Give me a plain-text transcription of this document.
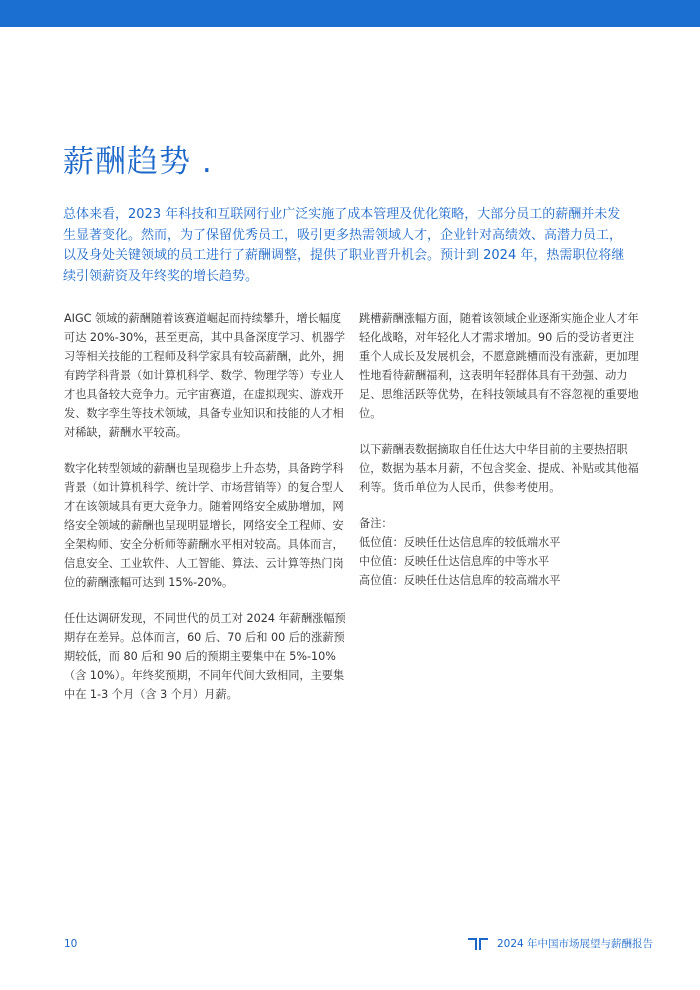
薪酬趋势 .

总体来看，2023 年科技和互联网行业广泛实施了成本管理及优化策略，大部分员工的薪酬并未发生显著变化。然而，为了保留优秀员工，吸引更多热需领域人才，企业针对高绩效、高潜力员工，以及身处关键领域的员工进行了薪酬调整，提供了职业晋升机会。预计到 2024 年，热需职位将继续引领薪资及年终奖的增长趋势。

AIGC 领域的薪酬随着该赛道崛起而持续攀升，增长幅度可达 20%-30%，甚至更高，其中具备深度学习、机器学习等相关技能的工程师及科学家具有较高薪酬，此外，拥有跨学科背景（如计算机科学、数学、物理学等）专业人才也具备较大竞争力。元宇宙赛道，在虚拟现实、游戏开发、数字孪生等技术领域，具备专业知识和技能的人才相对稀缺，薪酬水平较高。

数字化转型领域的薪酬也呈现稳步上升态势，具备跨学科背景（如计算机科学、统计学、市场营销等）的复合型人才在该领域具有更大竞争力。随着网络安全威胁增加，网络安全领域的薪酬也呈现明显增长，网络安全工程师、安全架构师、安全分析师等薪酬水平相对较高。具体而言，信息安全、工业软件、人工智能、算法、云计算等热门岗位的薪酬涨幅可达到 15%-20%。

任仕达调研发现，不同世代的员工对 2024 年薪酬涨幅预期存在差异。总体而言，60 后、70 后和 00 后的涨薪预期较低，而 80 后和 90 后的预期主要集中在 5%-10%（含 10%）。年终奖预期，不同年代间大致相同，主要集中在 1-3 个月（含 3 个月）月薪。

跳槽薪酬涨幅方面，随着该领域企业逐渐实施企业人才年轻化战略，对年轻化人才需求增加。90 后的受访者更注重个人成长及发展机会，不愿意跳槽而没有涨薪，更加理性地看待薪酬福利，这表明年轻群体具有干劲强、动力足、思维活跃等优势，在科技领域具有不容忽视的重要地位。

以下薪酬表数据摘取自任仕达大中华目前的主要热招职位，数据为基本月薪，不包含奖金、提成、补贴或其他福利等。货币单位为人民币，供参考使用。

备注：
低位值：反映任仕达信息库的较低端水平
中位值：反映任仕达信息库的中等水平
高位值：反映任仕达信息库的较高端水平
10	2024 年中国市场展望与薪酬报告
